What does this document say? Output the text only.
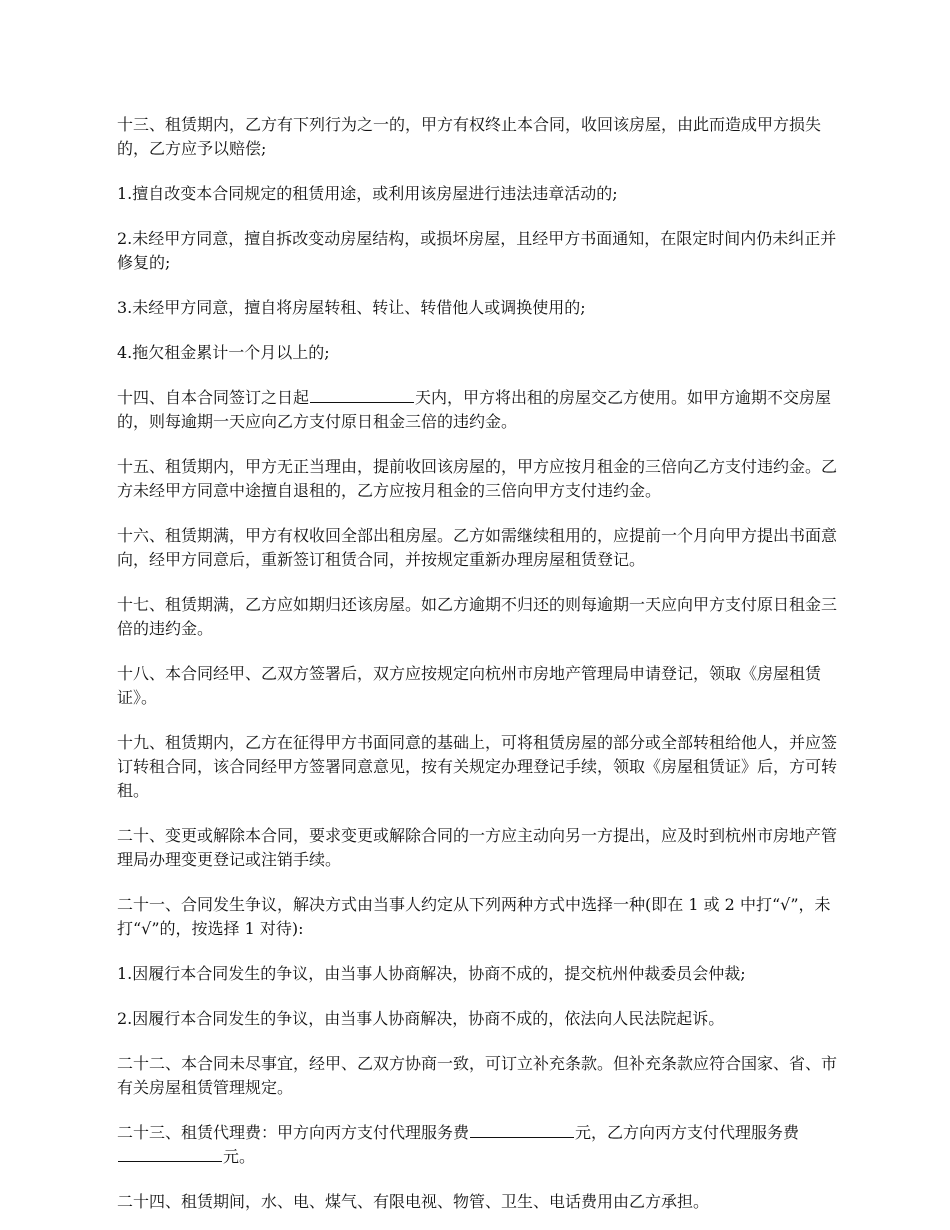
十三、租赁期内，乙方有下列行为之一的，甲方有权终止本合同，收回该房屋，由此而造成甲方损失的，乙方应予以赔偿;

1.擅自改变本合同规定的租赁用途，或利用该房屋进行违法违章活动的;

2.未经甲方同意，擅自拆改变动房屋结构，或损坏房屋，且经甲方书面通知，在限定时间内仍未纠正并修复的;

3.未经甲方同意，擅自将房屋转租、转让、转借他人或调换使用的;

4.拖欠租金累计一个月以上的;

十四、自本合同签订之日起	天内，甲方将出租的房屋交乙方使用。如甲方逾期不交房屋的，则每逾期一天应向乙方支付原日租金三倍的违约金。

十五、租赁期内，甲方无正当理由，提前收回该房屋的，甲方应按月租金的三倍向乙方支付违约金。乙方未经甲方同意中途擅自退租的，乙方应按月租金的三倍向甲方支付违约金。

十六、租赁期满，甲方有权收回全部出租房屋。乙方如需继续租用的，应提前一个月向甲方提出书面意向，经甲方同意后，重新签订租赁合同，并按规定重新办理房屋租赁登记。

十七、租赁期满，乙方应如期归还该房屋。如乙方逾期不归还的则每逾期一天应向甲方支付原日租金三倍的违约金。

十八、本合同经甲、乙双方签署后，双方应按规定向杭州市房地产管理局申请登记，领取《房屋租赁证》。

十九、租赁期内，乙方在征得甲方书面同意的基础上，可将租赁房屋的部分或全部转租给他人，并应签订转租合同，该合同经甲方签署同意意见，按有关规定办理登记手续，领取《房屋租赁证》后，方可转租。

二十、变更或解除本合同，要求变更或解除合同的一方应主动向另一方提出，应及时到杭州市房地产管理局办理变更登记或注销手续。

二十一、合同发生争议，解决方式由当事人约定从下列两种方式中选择一种(即在 1 或 2 中打“√”，未打“√”的，按选择 1 对待):

1.因履行本合同发生的争议，由当事人协商解决，协商不成的，提交杭州仲裁委员会仲裁;

2.因履行本合同发生的争议，由当事人协商解决，协商不成的，依法向人民法院起诉。

二十二、本合同未尽事宜，经甲、乙双方协商一致，可订立补充条款。但补充条款应符合国家、省、市有关房屋租赁管理规定。

二十三、租赁代理费：甲方向丙方支付代理服务费	元，乙方向丙方支付代理服务费元。

二十四、租赁期间，水、电、煤气、有限电视、物管、卫生、电话费用由乙方承担。
